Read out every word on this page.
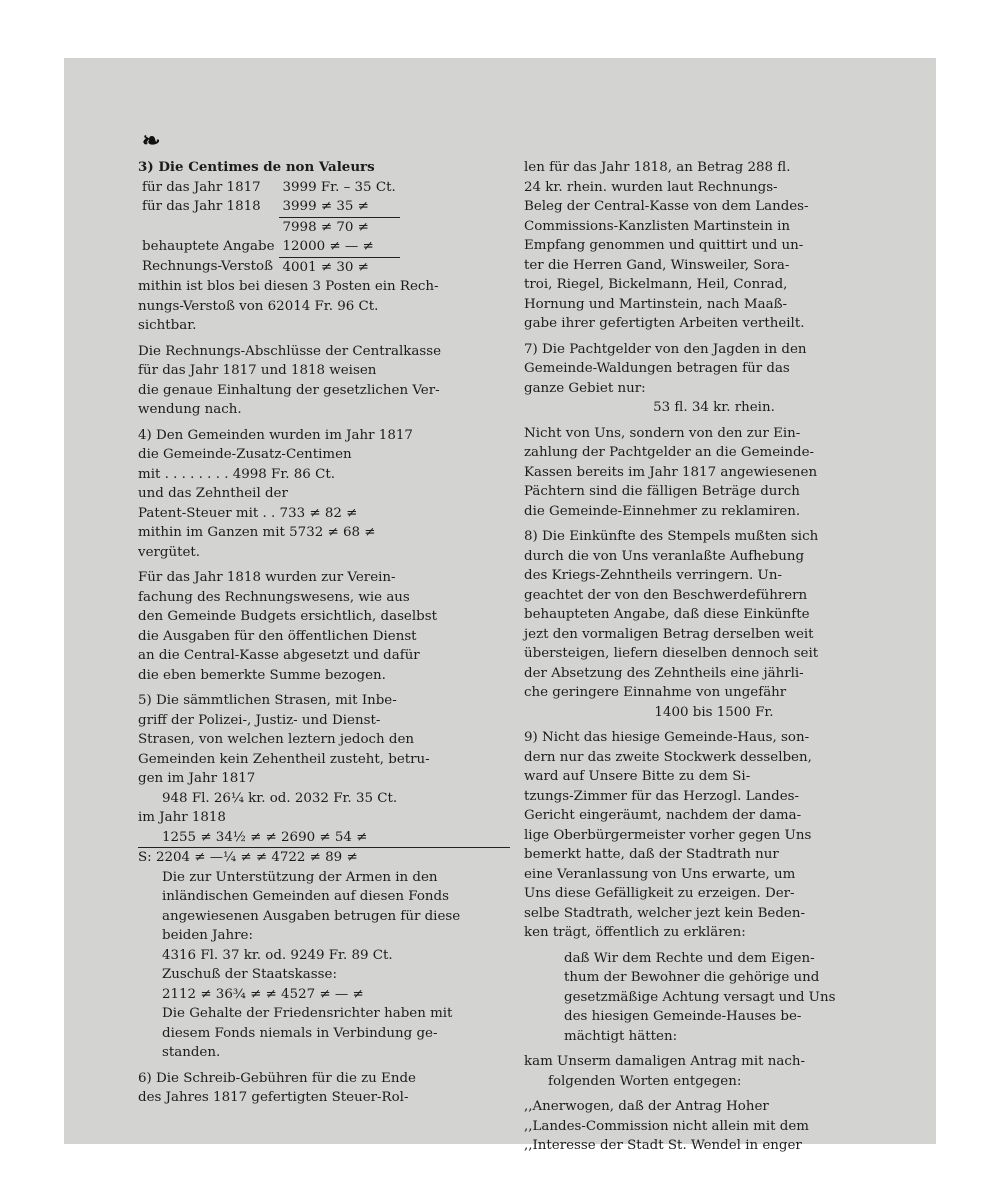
❧
3) Die Centimes de non Valeurs
für das Jahr 1817	3999 Fr. – 35 Ct.
für das Jahr 1818	3999 ≠ 35 ≠
	7998 ≠ 70 ≠
behauptete Angabe	12000 ≠ — ≠
Rechnungs-Verstoß	4001 ≠ 30 ≠
mithin ist blos bei diesen 3 Posten ein Rech-
nungs-Verstoß von 62014 Fr. 96 Ct.
sichtbar.
Die Rechnungs-Abschlüsse der Centralkasse
für das Jahr 1817 und 1818 weisen
die genaue Einhaltung der gesetzlichen Ver-
wendung nach.
4) Den Gemeinden wurden im Jahr 1817
die Gemeinde-Zusatz-Centimen
mit . . . . . . . . 4998 Fr. 86 Ct.
und das Zehntheil der
Patent-Steuer mit . . 733 ≠ 82 ≠
mithin im Ganzen mit 5732 ≠ 68 ≠
vergütet.
Für das Jahr 1818 wurden zur Verein-
fachung des Rechnungswesens, wie aus
den Gemeinde Budgets ersichtlich, daselbst
die Ausgaben für den öffentlichen Dienst
an die Central-Kasse abgesetzt und dafür
die eben bemerkte Summe bezogen.
5) Die sämmtlichen Strasen, mit Inbe-
griff der Polizei-, Justiz- und Dienst-
Strasen, von welchen leztern jedoch den
Gemeinden kein Zehentheil zusteht, betru-
gen im Jahr 1817
948 Fl. 26¼ kr. od. 2032 Fr. 35 Ct.
im Jahr 1818
1255 ≠ 34½ ≠ ≠ 2690 ≠ 54 ≠
S: 2204 ≠ —¼ ≠ ≠ 4722 ≠ 89 ≠
Die zur Unterstützung der Armen in den
inländischen Gemeinden auf diesen Fonds
angewiesenen Ausgaben betrugen für diese
beiden Jahre:
4316 Fl. 37 kr. od. 9249 Fr. 89 Ct.
Zuschuß der Staatskasse:
2112 ≠ 36¾ ≠ ≠ 4527 ≠ — ≠
Die Gehalte der Friedensrichter haben mit
diesem Fonds niemals in Verbindung ge-
standen.
6) Die Schreib-Gebühren für die zu Ende
des Jahres 1817 gefertigten Steuer-Rol-
len für das Jahr 1818, an Betrag 288 fl.
24 kr. rhein. wurden laut Rechnungs-
Beleg der Central-Kasse von dem Landes-
Commissions-Kanzlisten Martinstein in
Empfang genommen und quittirt und un-
ter die Herren Gand, Winsweiler, Sora-
troi, Riegel, Bickelmann, Heil, Conrad,
Hornung und Martinstein, nach Maaß-
gabe ihrer gefertigten Arbeiten vertheilt.
7) Die Pachtgelder von den Jagden in den
Gemeinde-Waldungen betragen für das
ganze Gebiet nur:
53 fl. 34 kr. rhein.
Nicht von Uns, sondern von den zur Ein-
zahlung der Pachtgelder an die Gemeinde-
Kassen bereits im Jahr 1817 angewiesenen
Pächtern sind die fälligen Beträge durch
die Gemeinde-Einnehmer zu reklamiren.
8) Die Einkünfte des Stempels mußten sich
durch die von Uns veranlaßte Aufhebung
des Kriegs-Zehntheils verringern. Un-
geachtet der von den Beschwerdeführern
behaupteten Angabe, daß diese Einkünfte
jezt den vormaligen Betrag derselben weit
übersteigen, liefern dieselben dennoch seit
der Absetzung des Zehntheils eine jährli-
che geringere Einnahme von ungefähr
1400 bis 1500 Fr.
9) Nicht das hiesige Gemeinde-Haus, son-
dern nur das zweite Stockwerk desselben,
ward auf Unsere Bitte zu dem Si-
tzungs-Zimmer für das Herzogl. Landes-
Gericht eingeräumt, nachdem der dama-
lige Oberbürgermeister vorher gegen Uns
bemerkt hatte, daß der Stadtrath nur
eine Veranlassung von Uns erwarte, um
Uns diese Gefälligkeit zu erzeigen. Der-
selbe Stadtrath, welcher jezt kein Beden-
ken trägt, öffentlich zu erklären:
daß Wir dem Rechte und dem Eigen-
thum der Bewohner die gehörige und
gesetzmäßige Achtung versagt und Uns
des hiesigen Gemeinde-Hauses be-
mächtigt hätten:
kam Unserm damaligen Antrag mit nach-
folgenden Worten entgegen:
,,Anerwogen, daß der Antrag Hoher
,,Landes-Commission nicht allein mit dem
,,Interesse der Stadt St. Wendel in enger
